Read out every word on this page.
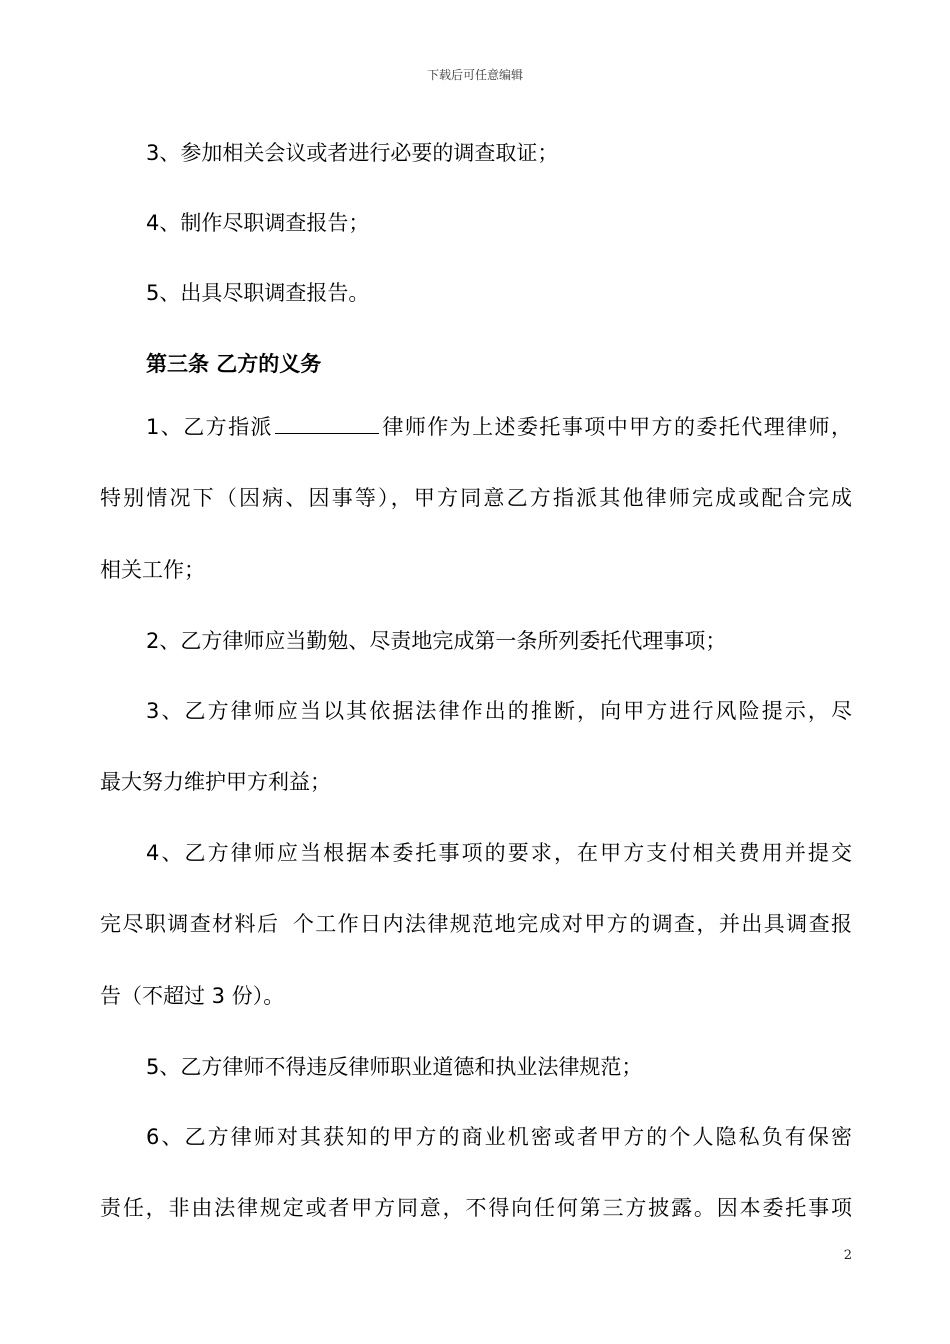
下载后可任意编辑
3、参加相关会议或者进行必要的调查取证；
4、制作尽职调查报告；
5、出具尽职调查报告。
第三条 乙方的义务
1、乙方指派	律师作为上述委托事项中甲方的委托代理律师，
特别情况下（因病、因事等），甲方同意乙方指派其他律师完成或配合完成
相关工作；
2、乙方律师应当勤勉、尽责地完成第一条所列委托代理事项；
3、乙方律师应当以其依据法律作出的推断，向甲方进行风险提示，尽
最大努力维护甲方利益；
4、乙方律师应当根据本委托事项的要求，在甲方支付相关费用并提交
完尽职调查材料后 个工作日内法律规范地完成对甲方的调查，并出具调查报
告（不超过 3 份）。
5、乙方律师不得违反律师职业道德和执业法律规范；
6、乙方律师对其获知的甲方的商业机密或者甲方的个人隐私负有保密
责任，非由法律规定或者甲方同意，不得向任何第三方披露。因本委托事项
2
